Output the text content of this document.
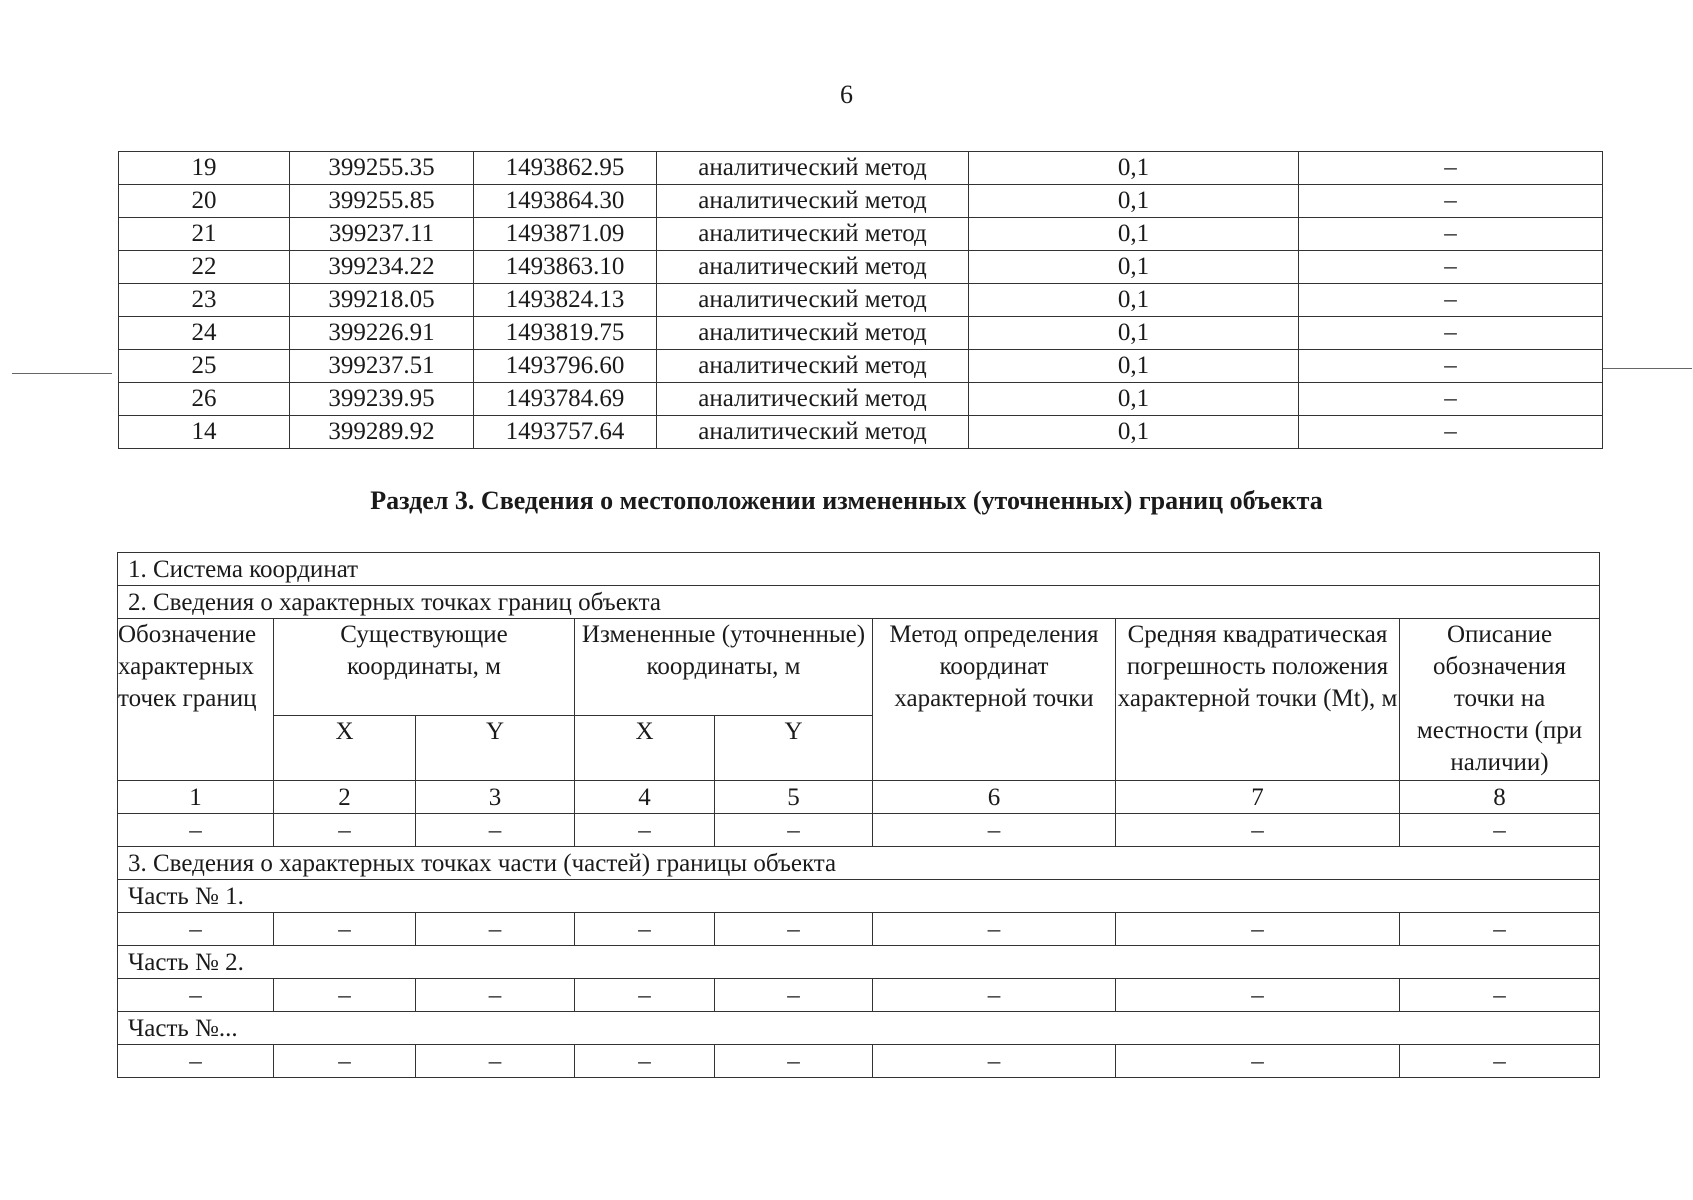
6
19	399255.35	1493862.95	аналитический метод	0,1	–
20	399255.85	1493864.30	аналитический метод	0,1	–
21	399237.11	1493871.09	аналитический метод	0,1	–
22	399234.22	1493863.10	аналитический метод	0,1	–
23	399218.05	1493824.13	аналитический метод	0,1	–
24	399226.91	1493819.75	аналитический метод	0,1	–
25	399237.51	1493796.60	аналитический метод	0,1	–
26	399239.95	1493784.69	аналитический метод	0,1	–
14	399289.92	1493757.64	аналитический метод	0,1	–
Раздел 3. Сведения о местоположении измененных (уточненных) границ объекта
1. Система координат							
2. Сведения о характерных точках границ объекта							
Обозначение характерных точек границ	Существующие координаты, м		Измененные (уточненные) координаты, м		Метод определения координат характерной точки	Средняя квадратическая погрешность положения характерной точки (Mt), м	Описание обозначения точки на местности (при наличии)
	X	Y	X	Y			
1	2	3	4	5	6	7	8
–	–	–	–	–	–	–	–
3. Сведения о характерных точках части (частей) границы объекта							
Часть № 1.							
–	–	–	–	–	–	–	–
Часть № 2.							
–	–	–	–	–	–	–	–
Часть №...							
–	–	–	–	–	–	–	–
